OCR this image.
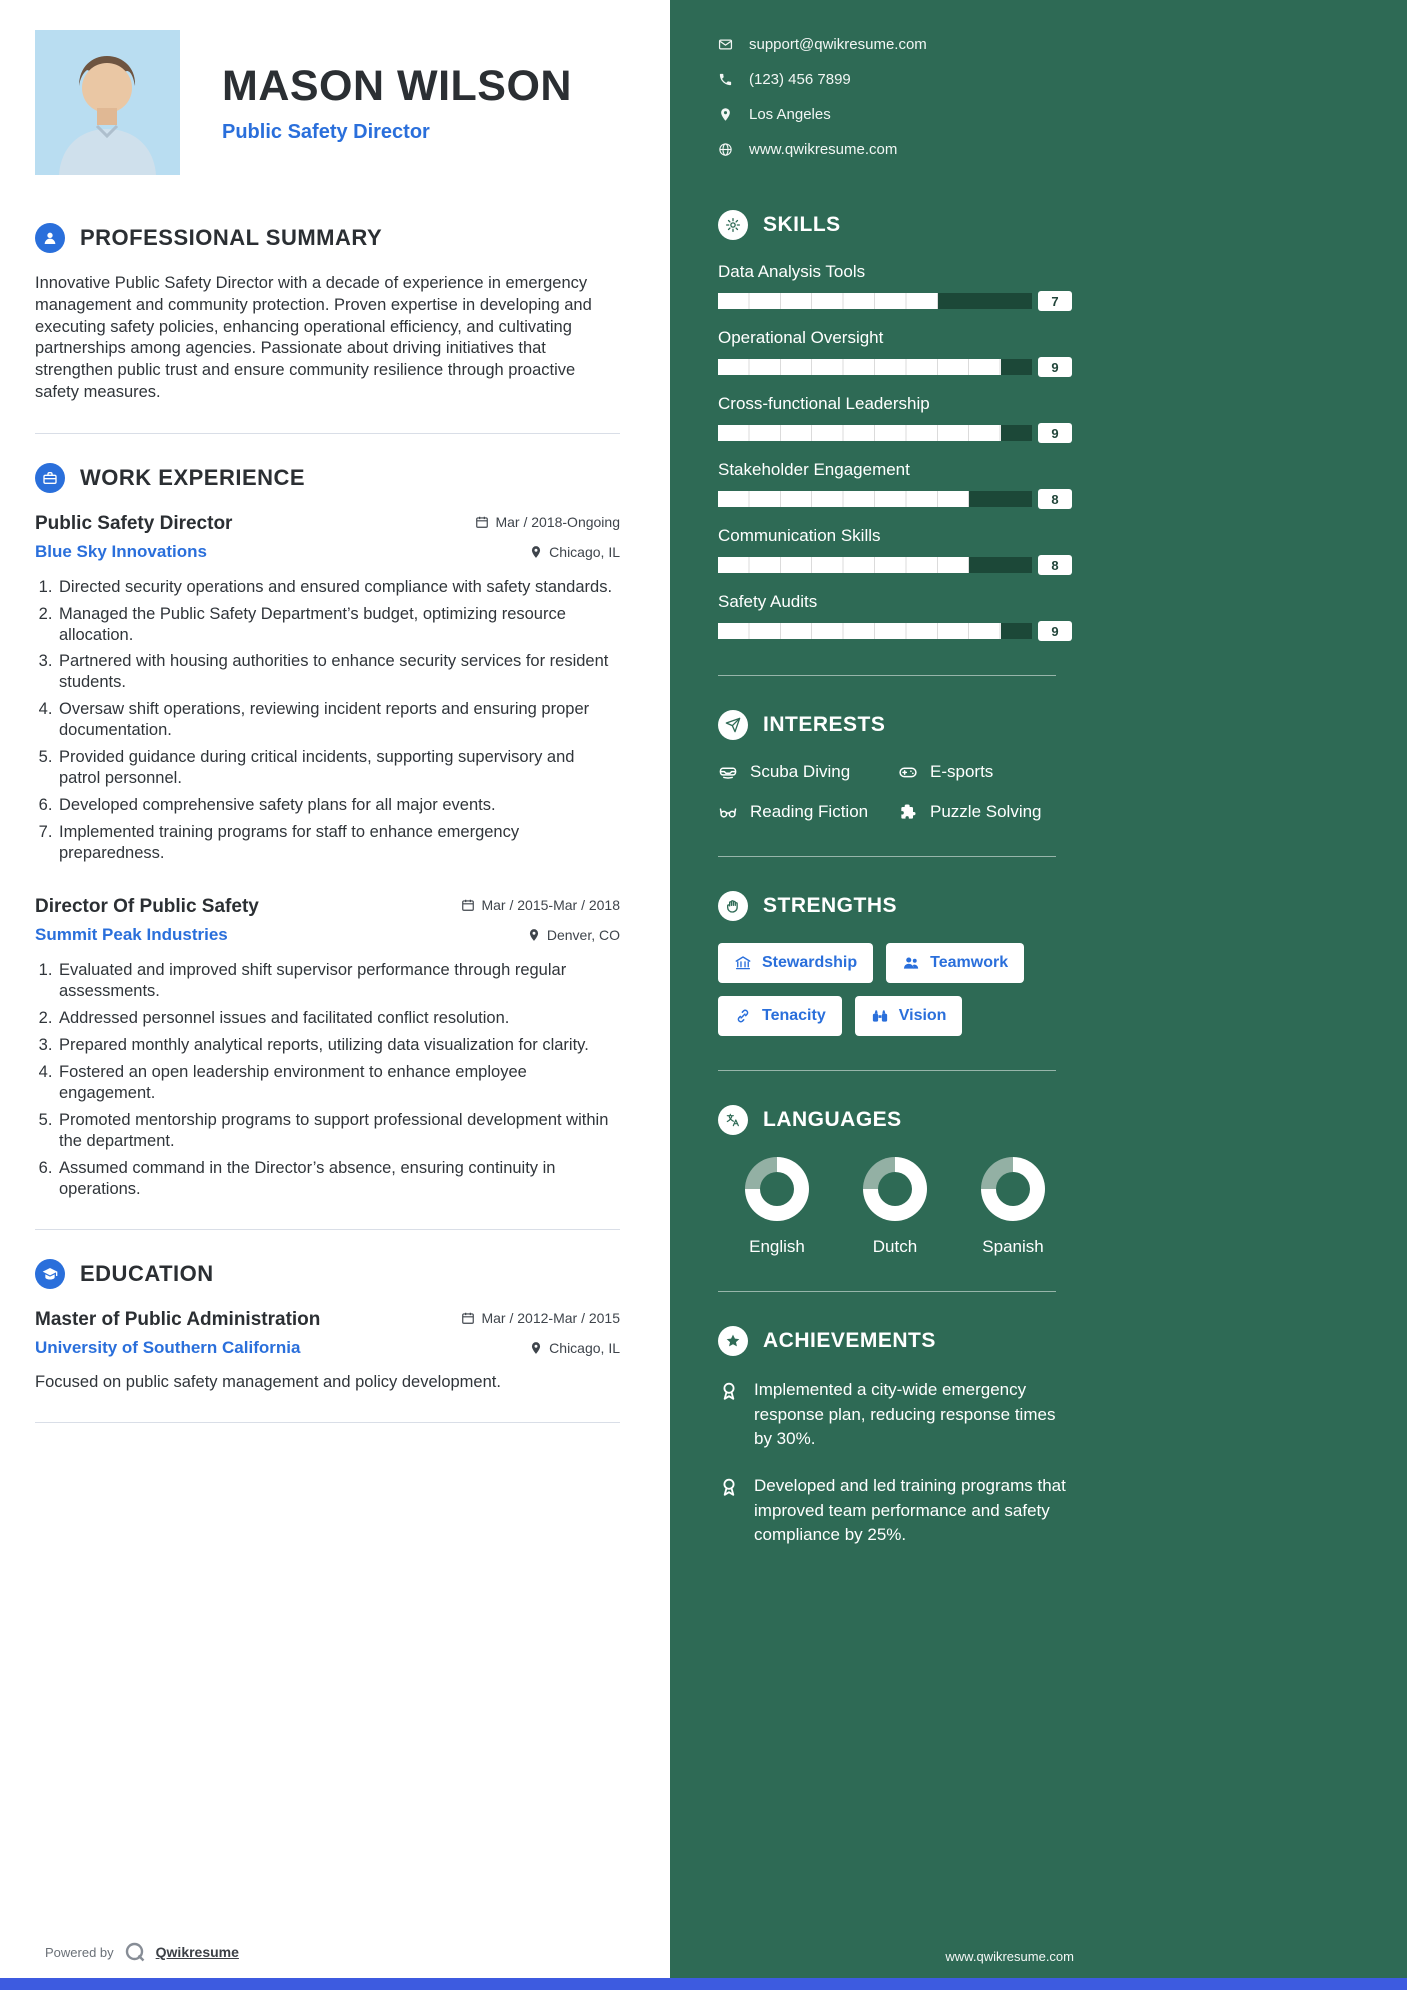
MASON WILSON
Public Safety Director
PROFESSIONAL SUMMARY

Innovative Public Safety Director with a decade of experience in emergency management and community protection. Proven expertise in developing and executing safety policies, enhancing operational efficiency, and cultivating partnerships among agencies. Passionate about driving initiatives that strengthen public trust and ensure community resilience through proactive safety measures.

WORK EXPERIENCE
Public Safety Director	Mar / 2018-Ongoing
Blue Sky Innovations	Chicago, IL
1. Directed security operations and ensured compliance with safety standards.
2. Managed the Public Safety Department’s budget, optimizing resource allocation.
3. Partnered with housing authorities to enhance security services for resident students.
4. Oversaw shift operations, reviewing incident reports and ensuring proper documentation.
5. Provided guidance during critical incidents, supporting supervisory and patrol personnel.
6. Developed comprehensive safety plans for all major events.
7. Implemented training programs for staff to enhance emergency preparedness.
Director Of Public Safety	Mar / 2015-Mar / 2018
Summit Peak Industries	Denver, CO
1. Evaluated and improved shift supervisor performance through regular assessments.
2. Addressed personnel issues and facilitated conflict resolution.
3. Prepared monthly analytical reports, utilizing data visualization for clarity.
4. Fostered an open leadership environment to enhance employee engagement.
5. Promoted mentorship programs to support professional development within the department.
6. Assumed command in the Director’s absence, ensuring continuity in operations.
EDUCATION
Master of Public Administration	Mar / 2012-Mar / 2015
University of Southern California	Chicago, IL

Focused on public safety management and policy development.

Powered by	Qwikresume
support@qwikresume.com
(123) 456 7899
Los Angeles
www.qwikresume.com
SKILLS
Data Analysis Tools
7
Operational Oversight
9
Cross-functional Leadership
9
Stakeholder Engagement
8
Communication Skills
8
Safety Audits
9
INTERESTS
Scuba Diving	E-sports
Reading Fiction	Puzzle Solving
STRENGTHS
Stewardship	Teamwork
Tenacity	Vision
LANGUAGES
English	Dutch	Spanish
ACHIEVEMENTS
Implemented a city-wide emergency response plan, reducing response times by 30%.
Developed and led training programs that improved team performance and safety compliance by 25%.
www.qwikresume.com
